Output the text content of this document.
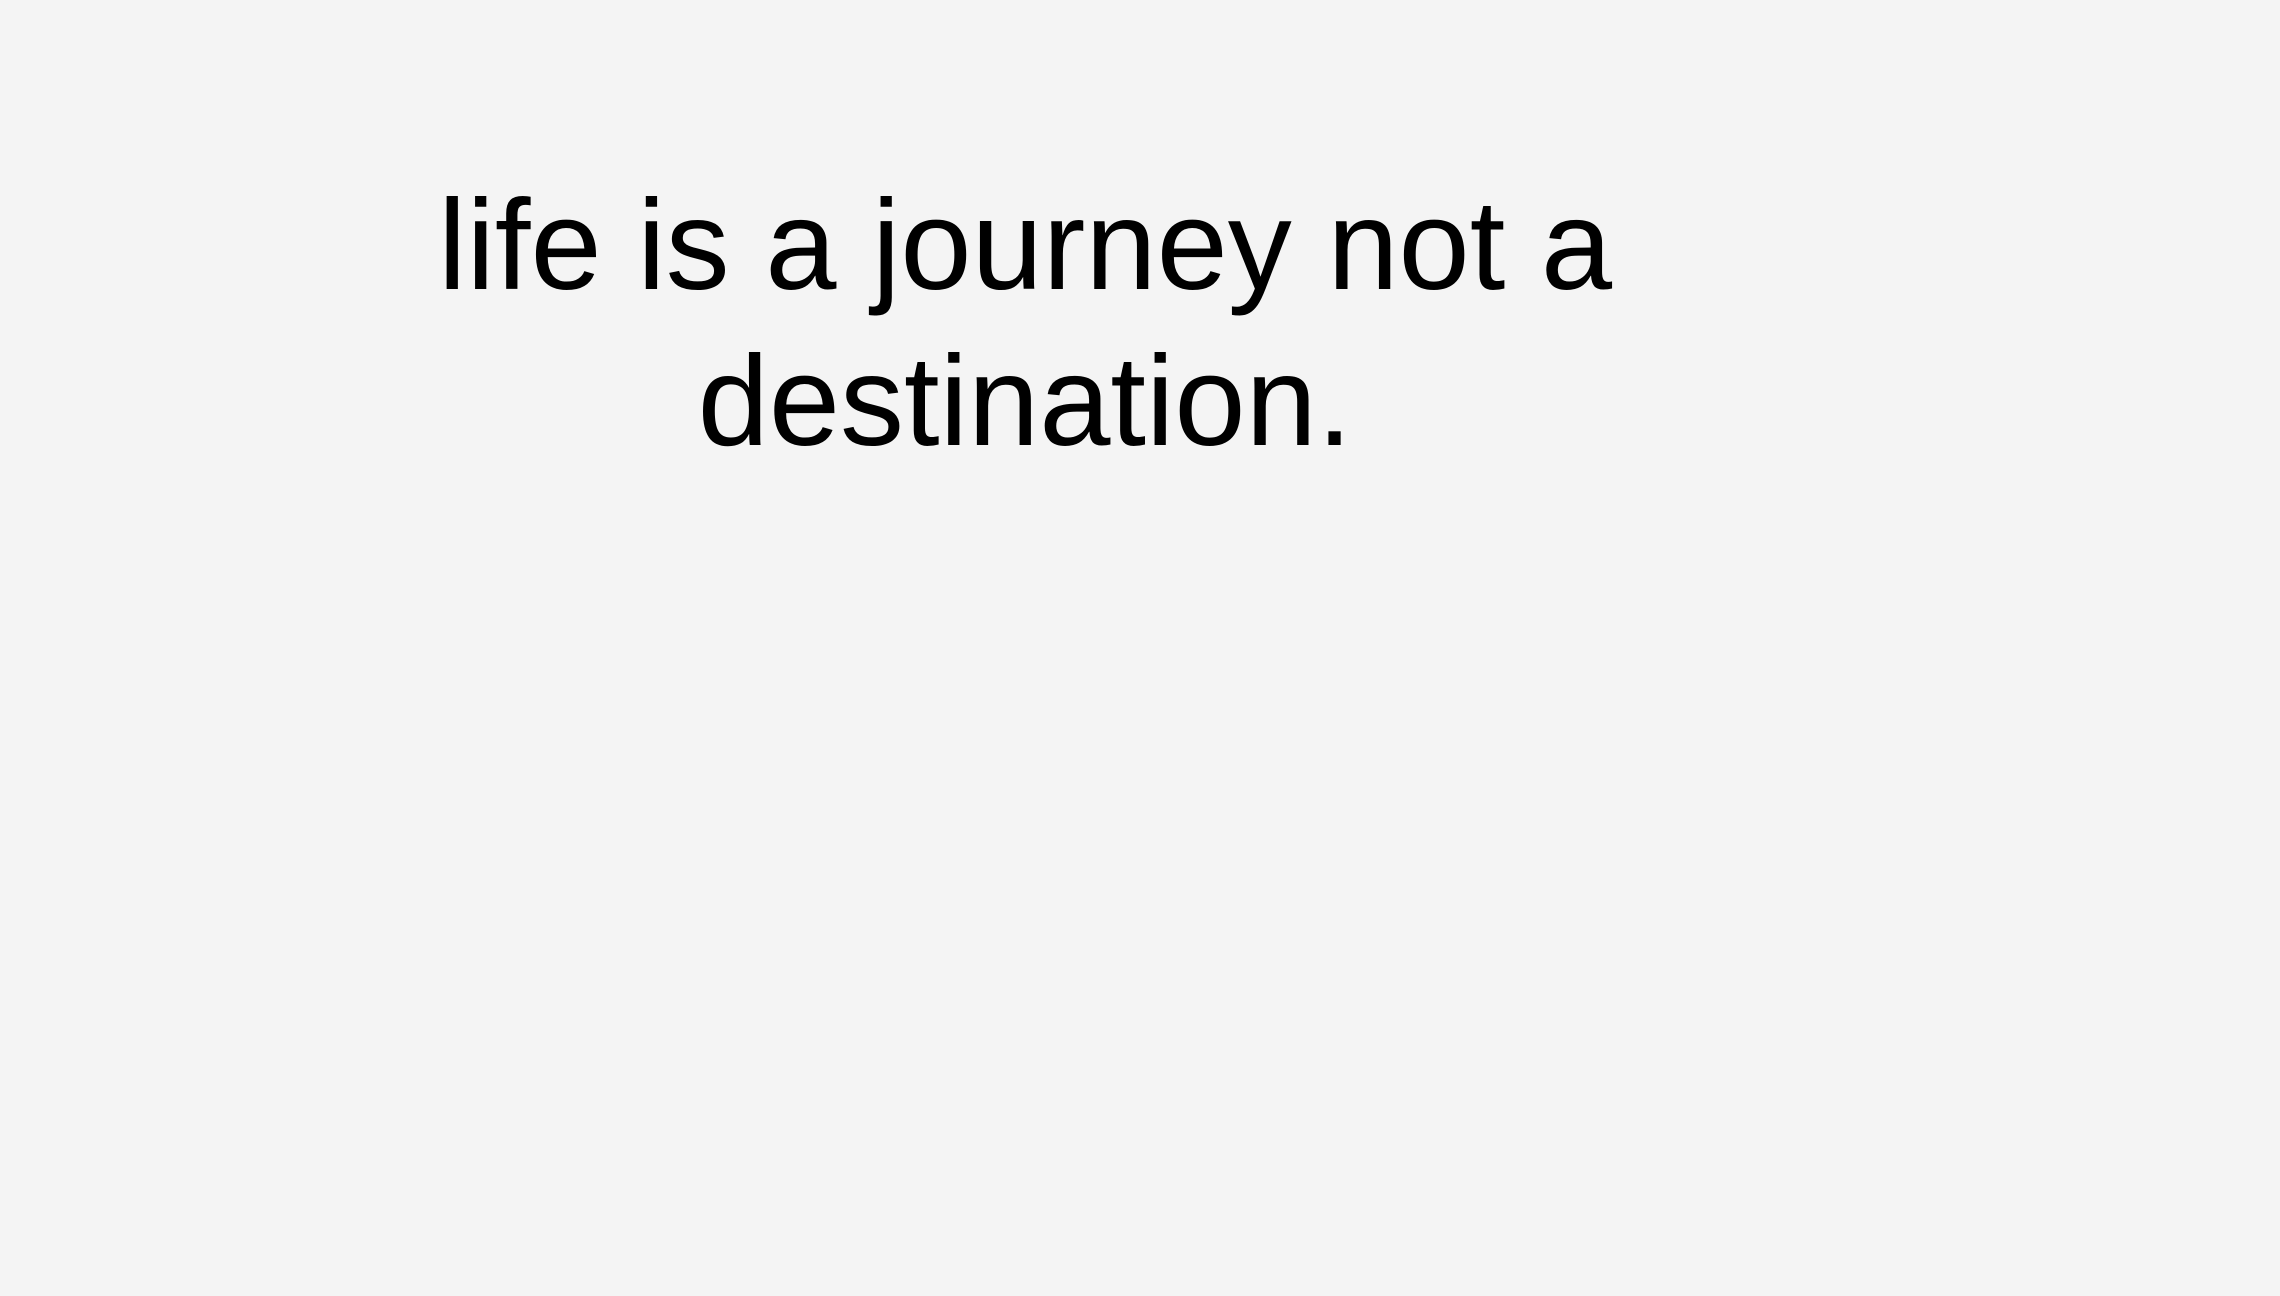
life is a journey not a destination.
